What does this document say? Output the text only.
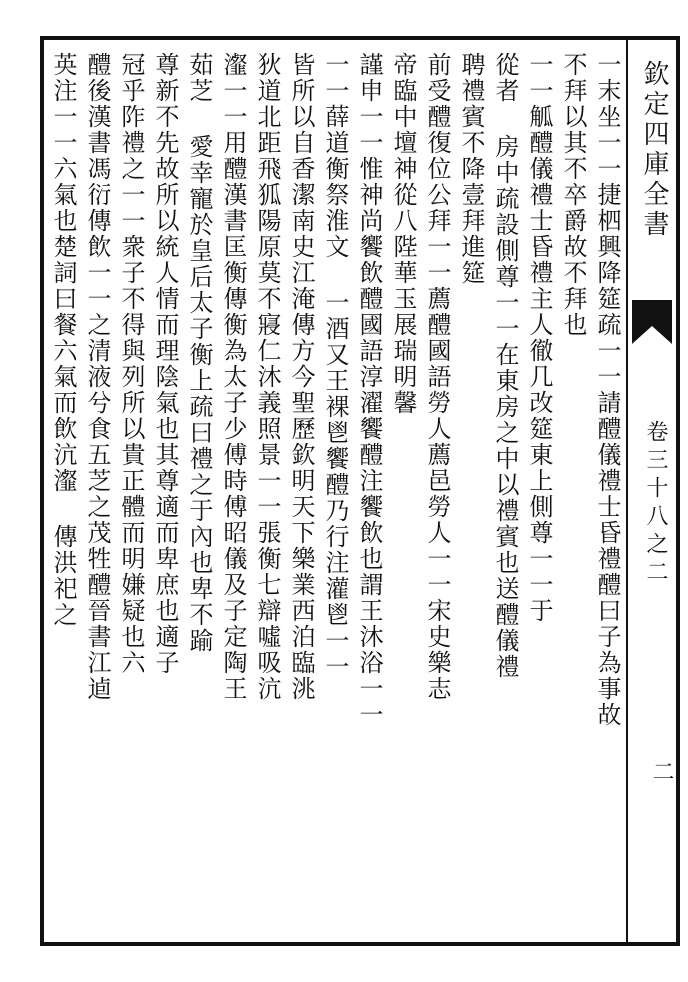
欽定四庫全書
卷三十八之二
二
一末坐一一捷柶興降筵疏一一請醴儀禮士昏禮醴曰子為事故
不拜以其不卒爵故不拜也
一一觚醴儀禮士昏禮主人徹几改筵東上側尊一一于
從者 房中疏設側尊一一在東房之中以禮賓也送醴儀禮
聘禮賓不降壹拜進筵
前受醴復位公拜一一薦醴國語勞人薦邑勞人一一宋史樂志
帝臨中壇神從八陛華玉展瑞明馨
謹申一一惟神尚饗飲醴國語淳濯饗醴注饗飲也謂王沐浴一一
一一薛道衡祭淮文 一酒又王裸鬯饗醴乃行注灌鬯一一
皆所以自香潔南史江淹傳方今聖歷欽明天下樂業西泊臨洮
狄道北距飛狐陽原莫不寢仁沐義照景一一張衡七辯噓吸沆
瀣一一用醴漢書匡衡傳衡為太子少傅時傅昭儀及子定陶王
茹芝 愛幸寵於皇后太子衡上疏曰禮之于內也卑不踰
尊新不先故所以統人情而理陰氣也其尊適而卑庶也適子
冠乎阼禮之一一衆子不得與列所以貴正體而明嫌疑也六
醴後漢書馮衍傳飲一一之清液兮食五芝之茂牲醴晉書江逌
英注一一六氣也楚詞曰餐六氣而飲沆瀣 傳洪祀之
